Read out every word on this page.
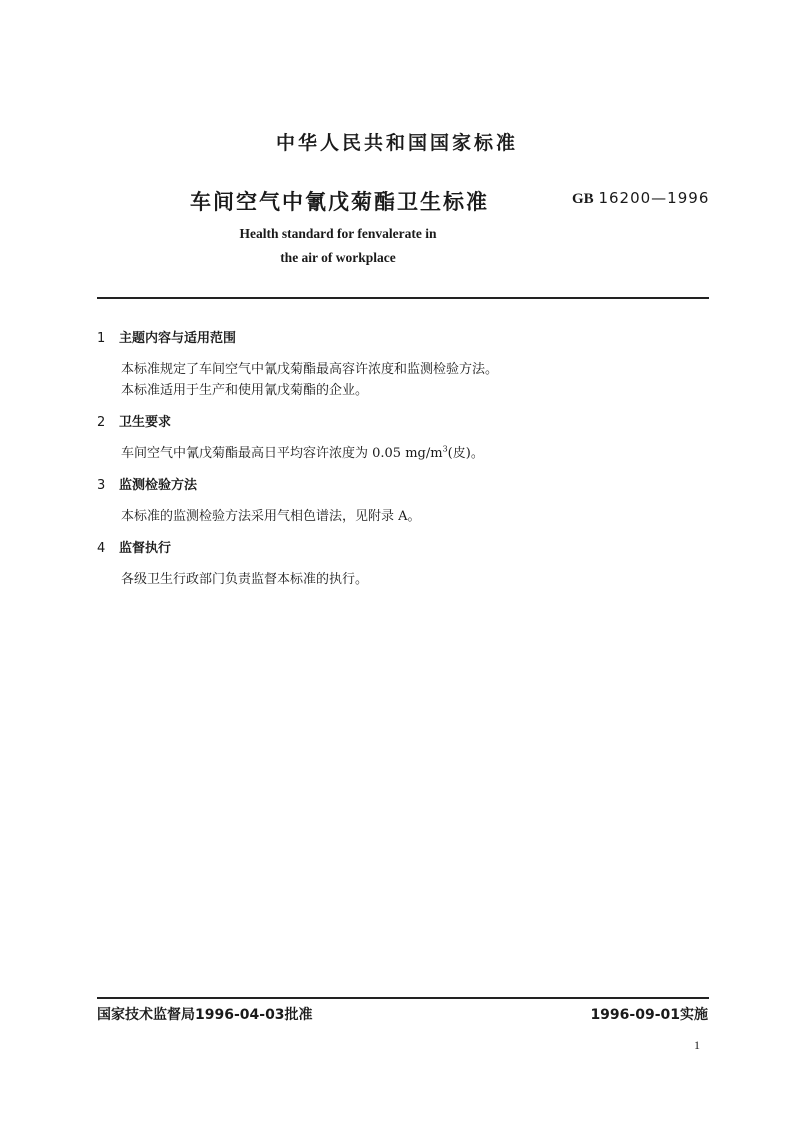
中华人民共和国国家标准
车间空气中氰戊菊酯卫生标准	GB 16200—1996
Health standard for fenvalerate in
the air of workplace
1 主题内容与适用范围
本标准规定了车间空气中氰戊菊酯最高容许浓度和监测检验方法。
本标准适用于生产和使用氰戊菊酯的企业。
2 卫生要求
车间空气中氰戊菊酯最高日平均容许浓度为 0.05 $mg/m^3$(皮)。
3 监测检验方法
本标准的监测检验方法采用气相色谱法，见附录 A。
4 监督执行
各级卫生行政部门负责监督本标准的执行。
国家技术监督局1996-04-03批准	1996-09-01实施
1
